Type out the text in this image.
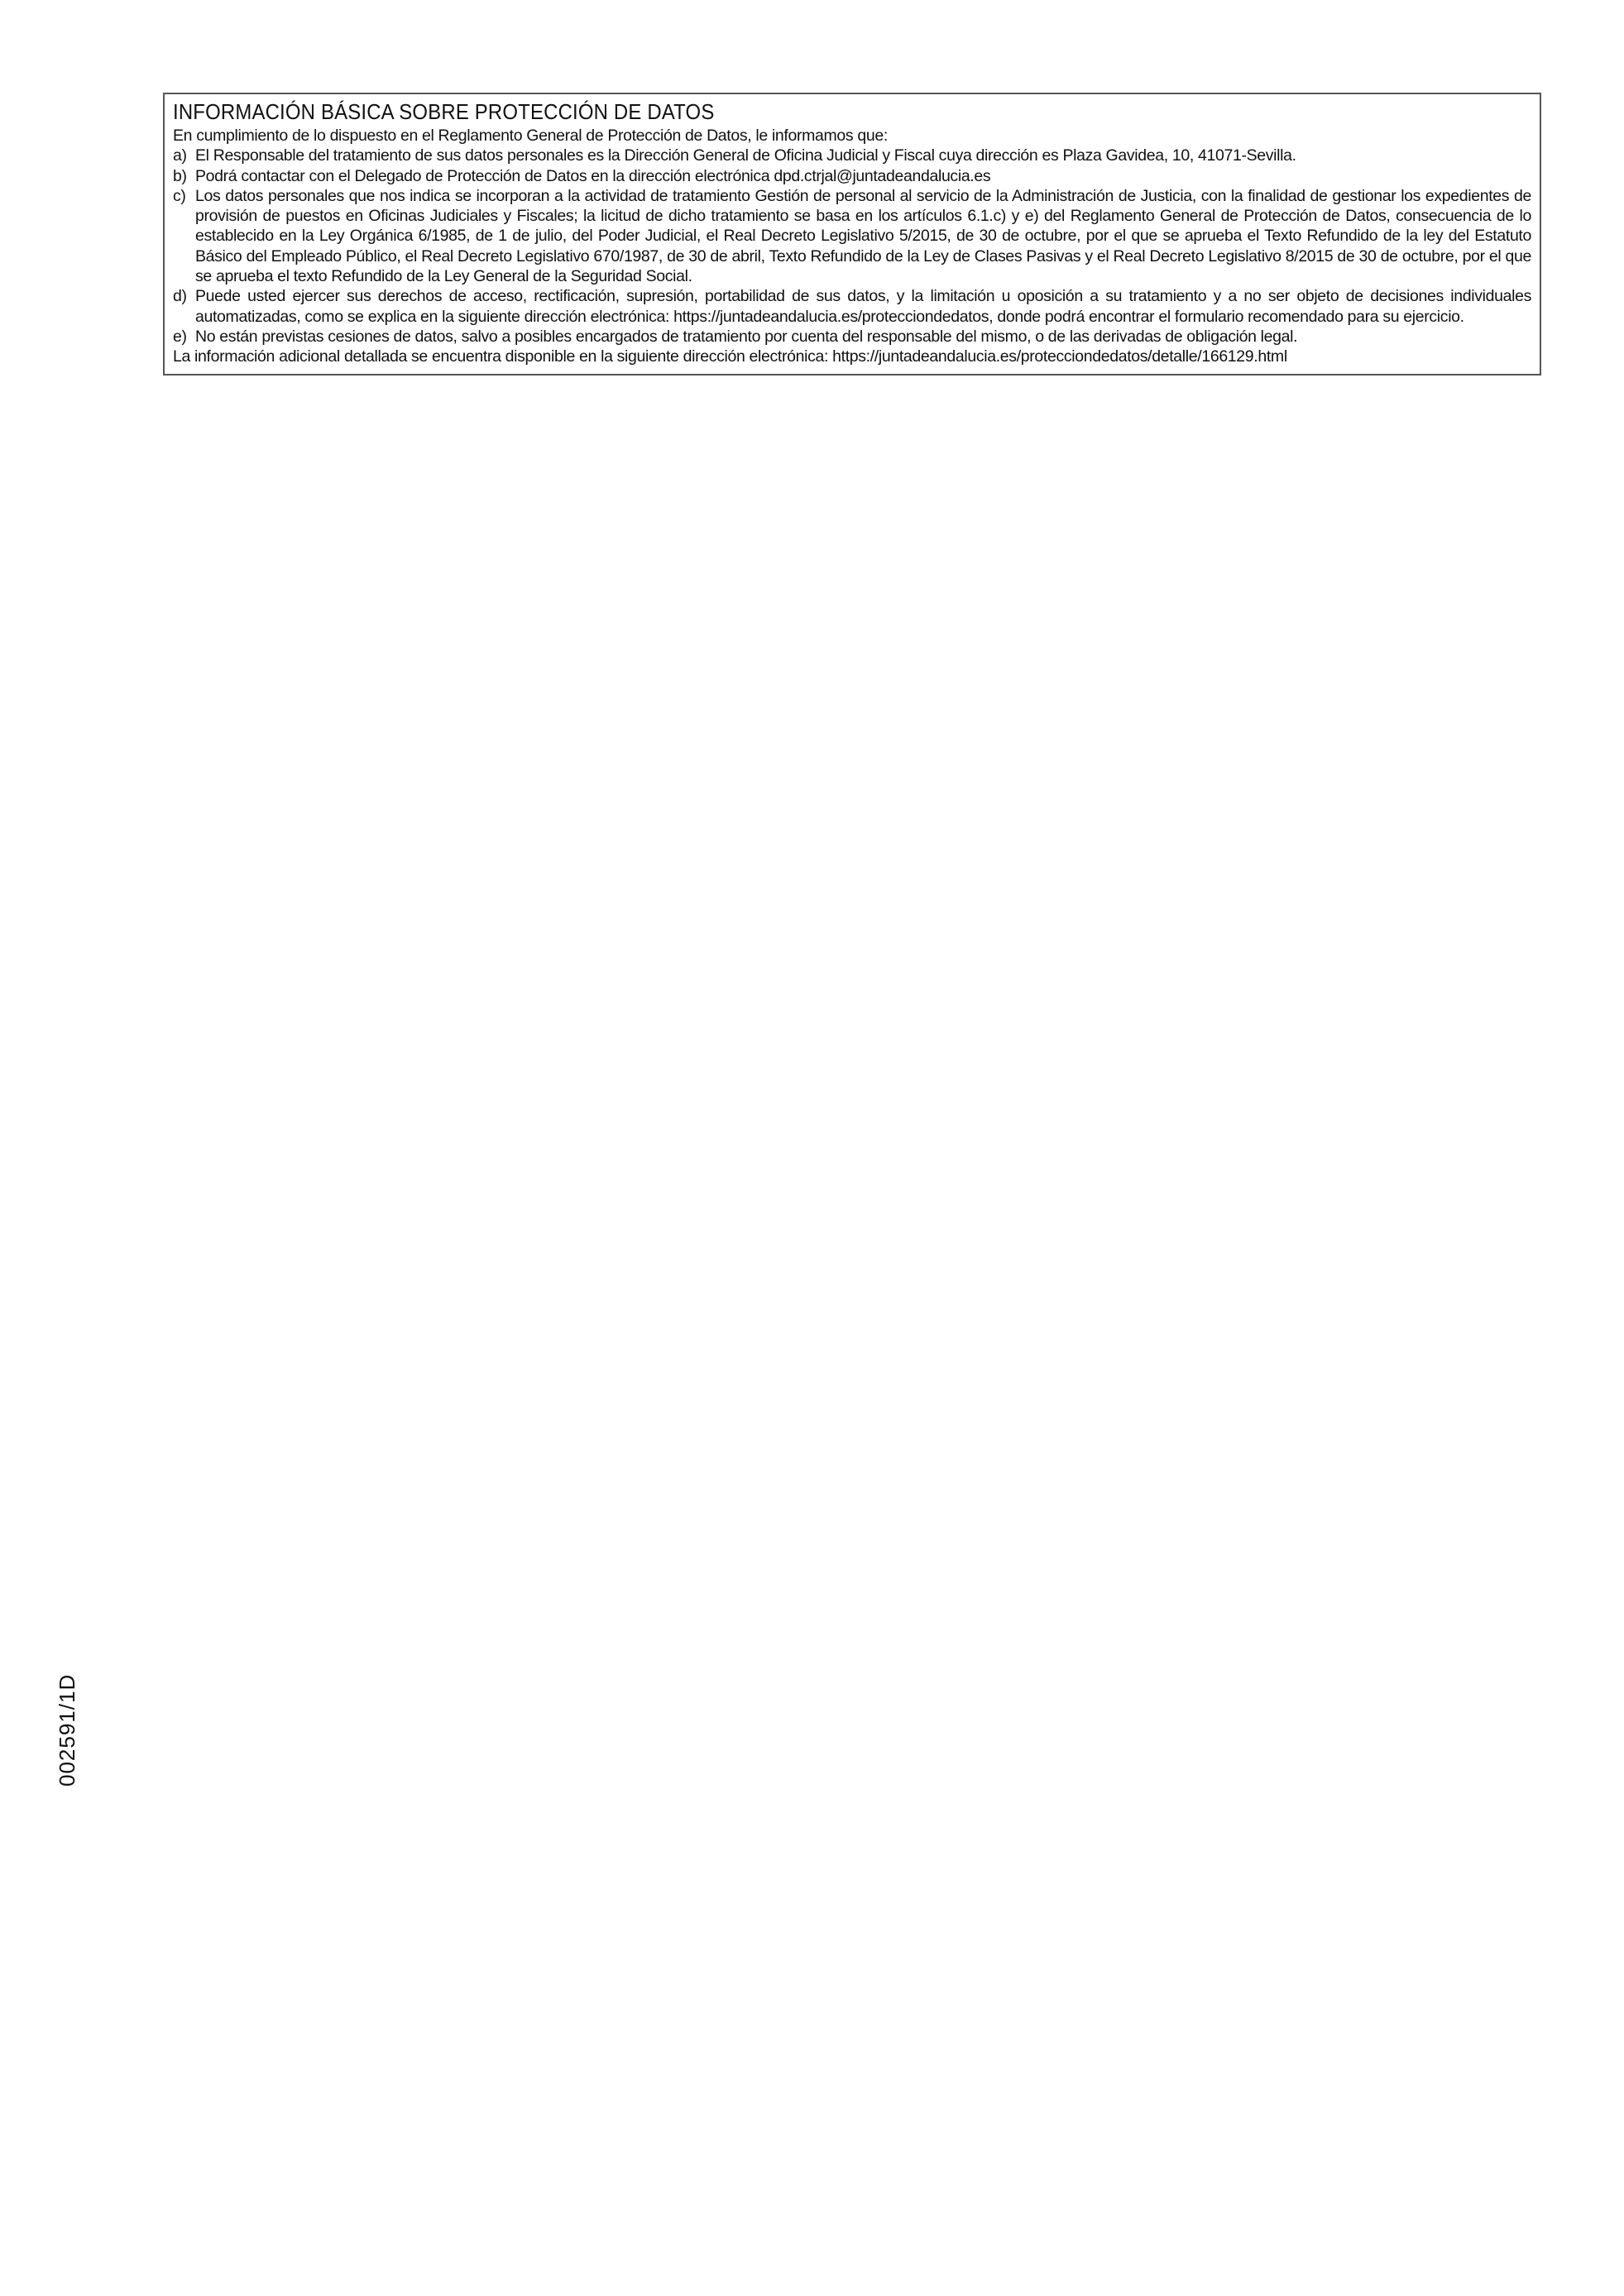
INFORMACIÓN BÁSICA SOBRE PROTECCIÓN DE DATOS
En cumplimiento de lo dispuesto en el Reglamento General de Protección de Datos, le informamos que:
a) El Responsable del tratamiento de sus datos personales es la Dirección General de Oficina Judicial y Fiscal cuya dirección es Plaza Gavidea, 10, 41071-Sevilla.
b) Podrá contactar con el Delegado de Protección de Datos en la dirección electrónica dpd.ctrjal@juntadeandalucia.es
c) Los datos personales que nos indica se incorporan a la actividad de tratamiento Gestión de personal al servicio de la Administración de Justicia, con la finalidad de gestionar los expedientes de provisión de puestos en Oficinas Judiciales y Fiscales; la licitud de dicho tratamiento se basa en los artículos 6.1.c) y e) del Reglamento General de Protección de Datos, consecuencia de lo establecido en la Ley Orgánica 6/1985, de 1 de julio, del Poder Judicial, el Real Decreto Legislativo 5/2015, de 30 de octubre, por el que se aprueba el Texto Refundido de la ley del Estatuto Básico del Empleado Público, el Real Decreto Legislativo 670/1987, de 30 de abril, Texto Refundido de la Ley de Clases Pasivas y el Real Decreto Legislativo 8/2015 de 30 de octubre, por el que se aprueba el texto Refundido de la Ley General de la Seguridad Social.
d) Puede usted ejercer sus derechos de acceso, rectificación, supresión, portabilidad de sus datos, y la limitación u oposición a su tratamiento y a no ser objeto de decisiones individuales automatizadas, como se explica en la siguiente dirección electrónica: https://juntadeandalucia.es/protecciondedatos, donde podrá encontrar el formulario recomendado para su ejercicio.
e) No están previstas cesiones de datos, salvo a posibles encargados de tratamiento por cuenta del responsable del mismo, o de las derivadas de obligación legal.
La información adicional detallada se encuentra disponible en la siguiente dirección electrónica: https://juntadeandalucia.es/protecciondedatos/detalle/166129.html
002591/1D
